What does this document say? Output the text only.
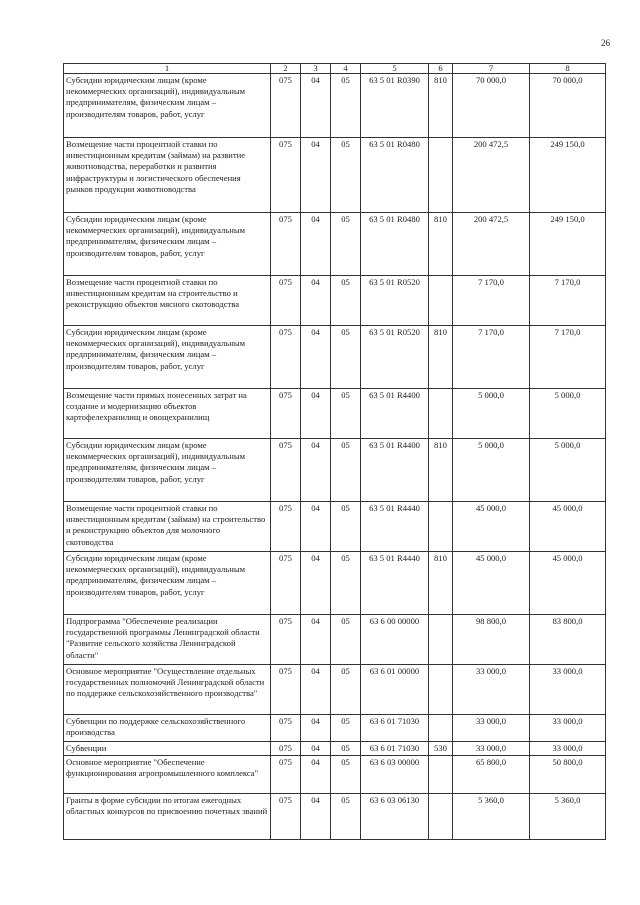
26
1	2	3	4	5	6	7	8
Субсидии юридическим лицам (кроме некоммерческих организаций), индивидуальным предпринимателям, физическим лицам – производителям товаров, работ, услуг	075	04	05	63 5 01 R0390	810	70 000,0	70 000,0
Возмещение части процентной ставки по инвестиционным кредитам (займам) на развитие животноводства, переработки и развития инфраструктуры и логистического обеспечения рынков продукции животноводства	075	04	05	63 5 01 R0480		200 472,5	249 150,0
Субсидии юридическим лицам (кроме некоммерческих организаций), индивидуальным предпринимателям, физическим лицам – производителям товаров, работ, услуг	075	04	05	63 5 01 R0480	810	200 472,5	249 150,0
Возмещение части процентной ставки по инвестиционным кредитам на строительство и реконструкцию объектов мясного скотоводства	075	04	05	63 5 01 R0520		7 170,0	7 170,0
Субсидии юридическим лицам (кроме некоммерческих организаций), индивидуальным предпринимателям, физическим лицам – производителям товаров, работ, услуг	075	04	05	63 5 01 R0520	810	7 170,0	7 170,0
Возмещение части прямых понесенных затрат на создание и модернизацию объектов картофелехранилищ и овощехранилищ	075	04	05	63 5 01 R4400		5 000,0	5 000,0
Субсидии юридическим лицам (кроме некоммерческих организаций), индивидуальным предпринимателям, физическим лицам – производителям товаров, работ, услуг	075	04	05	63 5 01 R4400	810	5 000,0	5 000,0
Возмещение части процентной ставки по инвестиционным кредитам (займам) на строительство и реконструкцию объектов для молочного скотоводства	075	04	05	63 5 01 R4440		45 000,0	45 000,0
Субсидии юридическим лицам (кроме некоммерческих организаций), индивидуальным предпринимателям, физическим лицам – производителям товаров, работ, услуг	075	04	05	63 5 01 R4440	810	45 000,0	45 000,0
Подпрограмма "Обеспечение реализации государственной программы Ленинградской области "Развитие сельского хозяйства Ленинградской области"	075	04	05	63 6 00 00000		98 800,0	83 800,0
Основное мероприятие "Осуществление отдельных государственных полномочий Ленинградской области по поддержке сельскохозяйственного производства"	075	04	05	63 6 01 00000		33 000,0	33 000,0
Субвенции по поддержке сельскохозяйственного производства	075	04	05	63 6 01 71030		33 000,0	33 000,0
Субвенции	075	04	05	63 6 01 71030	530	33 000,0	33 000,0
Основное мероприятие "Обеспечение функционирования агропромышленного комплекса"	075	04	05	63 6 03 00000		65 800,0	50 800,0
Гранты в форме субсидии по итогам ежегодных областных конкурсов по присвоению почетных званий	075	04	05	63 6 03 06130		5 360,0	5 360,0
